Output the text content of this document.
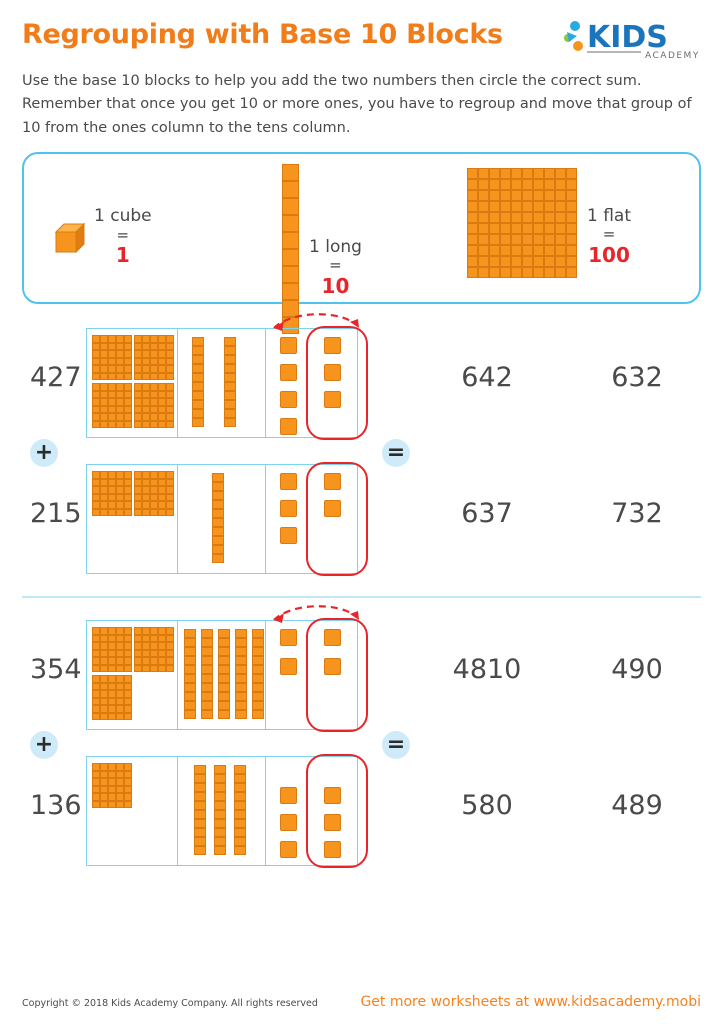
Regrouping with Base 10 Blocks	KIDS
ACADEMY
Use the base 10 blocks to help you add the two numbers then circle the correct sum. Remember that once you get 10 or more ones, you have to regroup and move that group of 10 from the ones column to the tens column.
1 cube
=
1	1 long
=
10
1 flat
=
100
427
+
215
=
642	632
637	732
354
+
136
=
4810	490
580	489
Copyright © 2018 Kids Academy Company. All rights reserved	Get more worksheets at www.kidsacademy.mobi
